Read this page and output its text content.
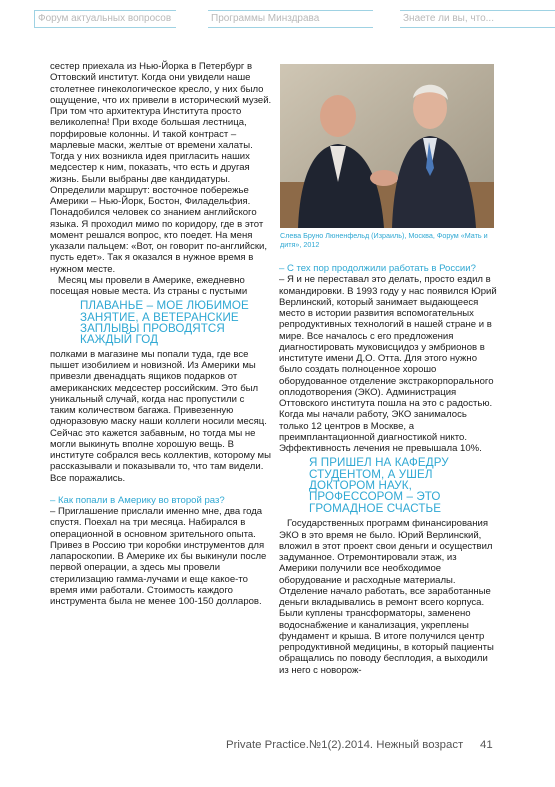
Форум актуальных вопросов	Программы Минздрава	Знаете ли вы, что...

сестер приехала из Нью-Йорка в Петербург в Оттовский институт. Когда они увидели наше столетнее гинекологическое кресло, у них было ощущение, что их привели в исторический музей. При том что архитектура Института просто великолепна! При входе большая лестница, порфировые колонны. И такой контраст – марлевые маски, желтые от времени халаты. Тогда у них возникла идея пригласить наших медсестер к ним, показать, что есть и другая жизнь. Были выбраны две кандидатуры. Определили маршрут: восточное побережье Америки – Нью-Йорк, Бостон, Филадельфия. Понадобился человек со знанием английского языка. Я проходил мимо по коридору, где в этот момент решался вопрос, кто поедет. На меня указали пальцем: «Вот, он говорит по-английски, пусть едет». Так я оказался в нужное время в нужном месте.

Месяц мы провели в Америке, ежедневно посещая новые места. Из страны с пустыми

ПЛАВАНЬЕ – МОЕ ЛЮБИМОЕ ЗАНЯТИЕ, А ВЕТЕРАНСКИЕ ЗАПЛЫВЫ ПРОВОДЯТСЯ КАЖДЫЙ ГОД

полками в магазине мы попали туда, где все пышет изобилием и новизной. Из Америки мы привезли двенадцать ящиков подарков от американских медсестер российским. Это был уникальный случай, когда нас пропустили с таким количеством багажа. Привезенную одноразовую маску наши коллеги носили месяц. Сейчас это кажется забавным, но тогда мы не могли выкинуть вполне хорошую вещь. В институте собрался весь коллектив, которому мы рассказывали и показывали то, что там видели. Все поражались.

– Как попали в Америку во второй раз?

– Приглашение прислали именно мне, два года спустя. Поехал на три месяца. Набирался в операционной в основном зрительного опыта. Привез в Россию три коробки инструментов для лапароскопии. В Америке их бы выкинули после первой операции, а здесь мы провели стерилизацию гамма-лучами и еще какое-то время ими работали. Стоимость каждого инструмента была не менее 100-150 долларов.

Слева Бруно Люненфельд (Израиль), Москва, Форум «Мать и дитя», 2012

– С тех пор продолжили работать в России?

– Я и не переставал это делать, просто ездил в командировки. В 1993 году у нас появился Юрий Верлинский, который занимает выдающееся место в истории развития вспомогательных репродуктивных технологий в нашей стране и в мире. Все началось с его предложения диагностировать муковисцидоз у эмбрионов в институте имени Д.О. Отта. Для этого нужно было создать полноценное хорошо оборудованное отделение экстракорпорального оплодотворения (ЭКО). Администрация Оттовского института пошла на это с радостью. Когда мы начали работу, ЭКО занималось только 12 центров в Москве, а преимплантационной диагностикой никто. Эффективность лечения не превышала 10%.

Я ПРИШЕЛ НА КАФЕДРУ СТУДЕНТОМ, А УШЕЛ ДОКТОРОМ НАУК, ПРОФЕССОРОМ – ЭТО ГРОМАДНОЕ СЧАСТЬЕ

Государственных программ финансирования ЭКО в это время не было. Юрий Верлинский, вложил в этот проект свои деньги и осуществил задуманное. Отремонтировали этаж, из Америки получили все необходимое оборудование и расходные материалы. Отделение начало работать, все заработанные деньги вкладывались в ремонт всего корпуса. Были куплены трансформаторы, заменено водоснабжение и канализация, укреплены фундамент и крыша. В итоге получился центр репродуктивной медицины, в который пациенты обращались по поводу бесплодия, а выходили из него с новорож-

Private Practice.№1(2).2014. Нежный возраст 41
